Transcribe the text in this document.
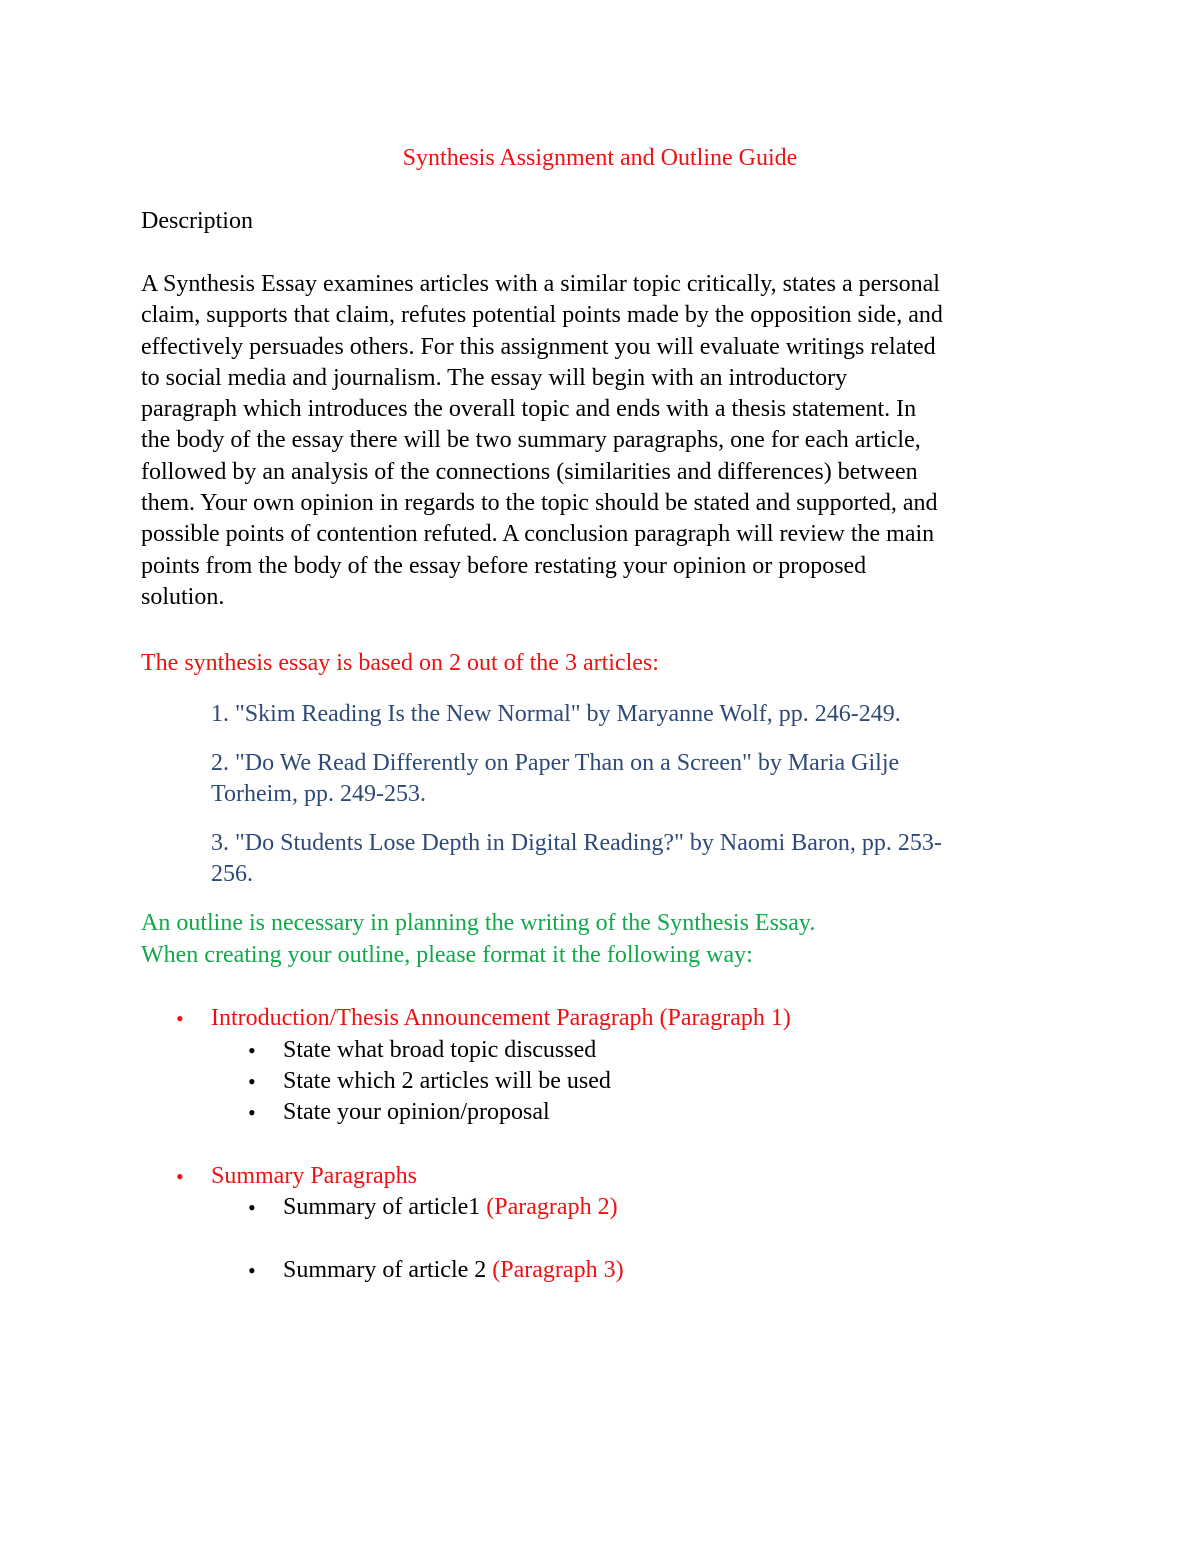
Synthesis Assignment and Outline Guide
Description
A Synthesis Essay examines articles with a similar topic critically, states a personal
claim, supports that claim, refutes potential points made by the opposition side, and
effectively persuades others. For this assignment you will evaluate writings related
to social media and journalism. The essay will begin with an introductory
paragraph which introduces the overall topic and ends with a thesis statement. In
the body of the essay there will be two summary paragraphs, one for each article,
followed by an analysis of the connections (similarities and differences) between
them. Your own opinion in regards to the topic should be stated and supported, and
possible points of contention refuted. A conclusion paragraph will review the main
points from the body of the essay before restating your opinion or proposed
solution.
The synthesis essay is based on 2 out of the 3 articles:
1. "Skim Reading Is the New Normal" by Maryanne Wolf, pp. 246-249.
2. "Do We Read Differently on Paper Than on a Screen" by Maria Gilje
Torheim, pp. 249-253.
3. "Do Students Lose Depth in Digital Reading?" by Naomi Baron, pp. 253-
256.
An outline is necessary in planning the writing of the Synthesis Essay.
When creating your outline, please format it the following way:
• Introduction/Thesis Announcement Paragraph (Paragraph 1)
• State what broad topic discussed
• State which 2 articles will be used
• State your opinion/proposal
• Summary Paragraphs
• Summary of article1 (Paragraph 2)
• Summary of article 2 (Paragraph 3)
